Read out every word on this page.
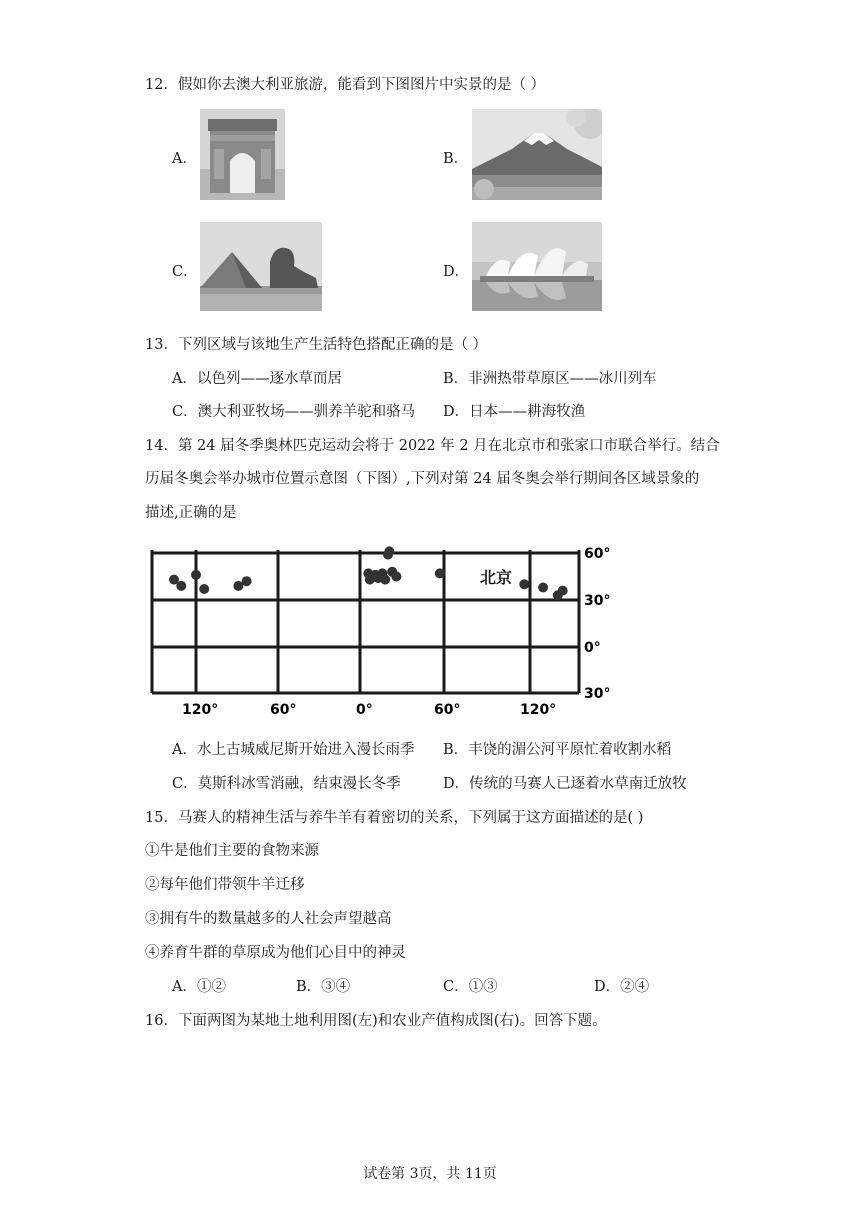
12．假如你去澳大利亚旅游，能看到下图图片中实景的是（ ）
A．	B．
C．	D．
13．下列区域与该地生产生活特色搭配正确的是（ ）
A．以色列——逐水草而居	B．非洲热带草原区——冰川列车
C．澳大利亚牧场——驯养羊驼和骆马 D．日本——耕海牧渔
14．第 24 届冬季奥林匹克运动会将于 2022 年 2 月在北京市和张家口市联合举行。结合
历届冬奥会举办城市位置示意图（下图）,下列对第 24 届冬奥会举行期间各区域景象的
描述,正确的是
北京
60°
30°
0°
30°
120°	60°	0°	60°	120°
A．水上古城威尼斯开始进入漫长雨季 B．丰饶的湄公河平原忙着收割水稻
C．莫斯科冰雪消融，结束漫长冬季	D．传统的马赛人已逐着水草南迁放牧
15．马赛人的精神生活与养牛羊有着密切的关系，下列属于这方面描述的是( )
①牛是他们主要的食物来源
②每年他们带领牛羊迁移
③拥有牛的数量越多的人社会声望越高
④养育牛群的草原成为他们心目中的神灵
A．①②	B．③④	C．①③	D．②④
16．下面两图为某地土地利用图(左)和农业产值构成图(右)。回答下题。
试卷第 3页，共 11页
